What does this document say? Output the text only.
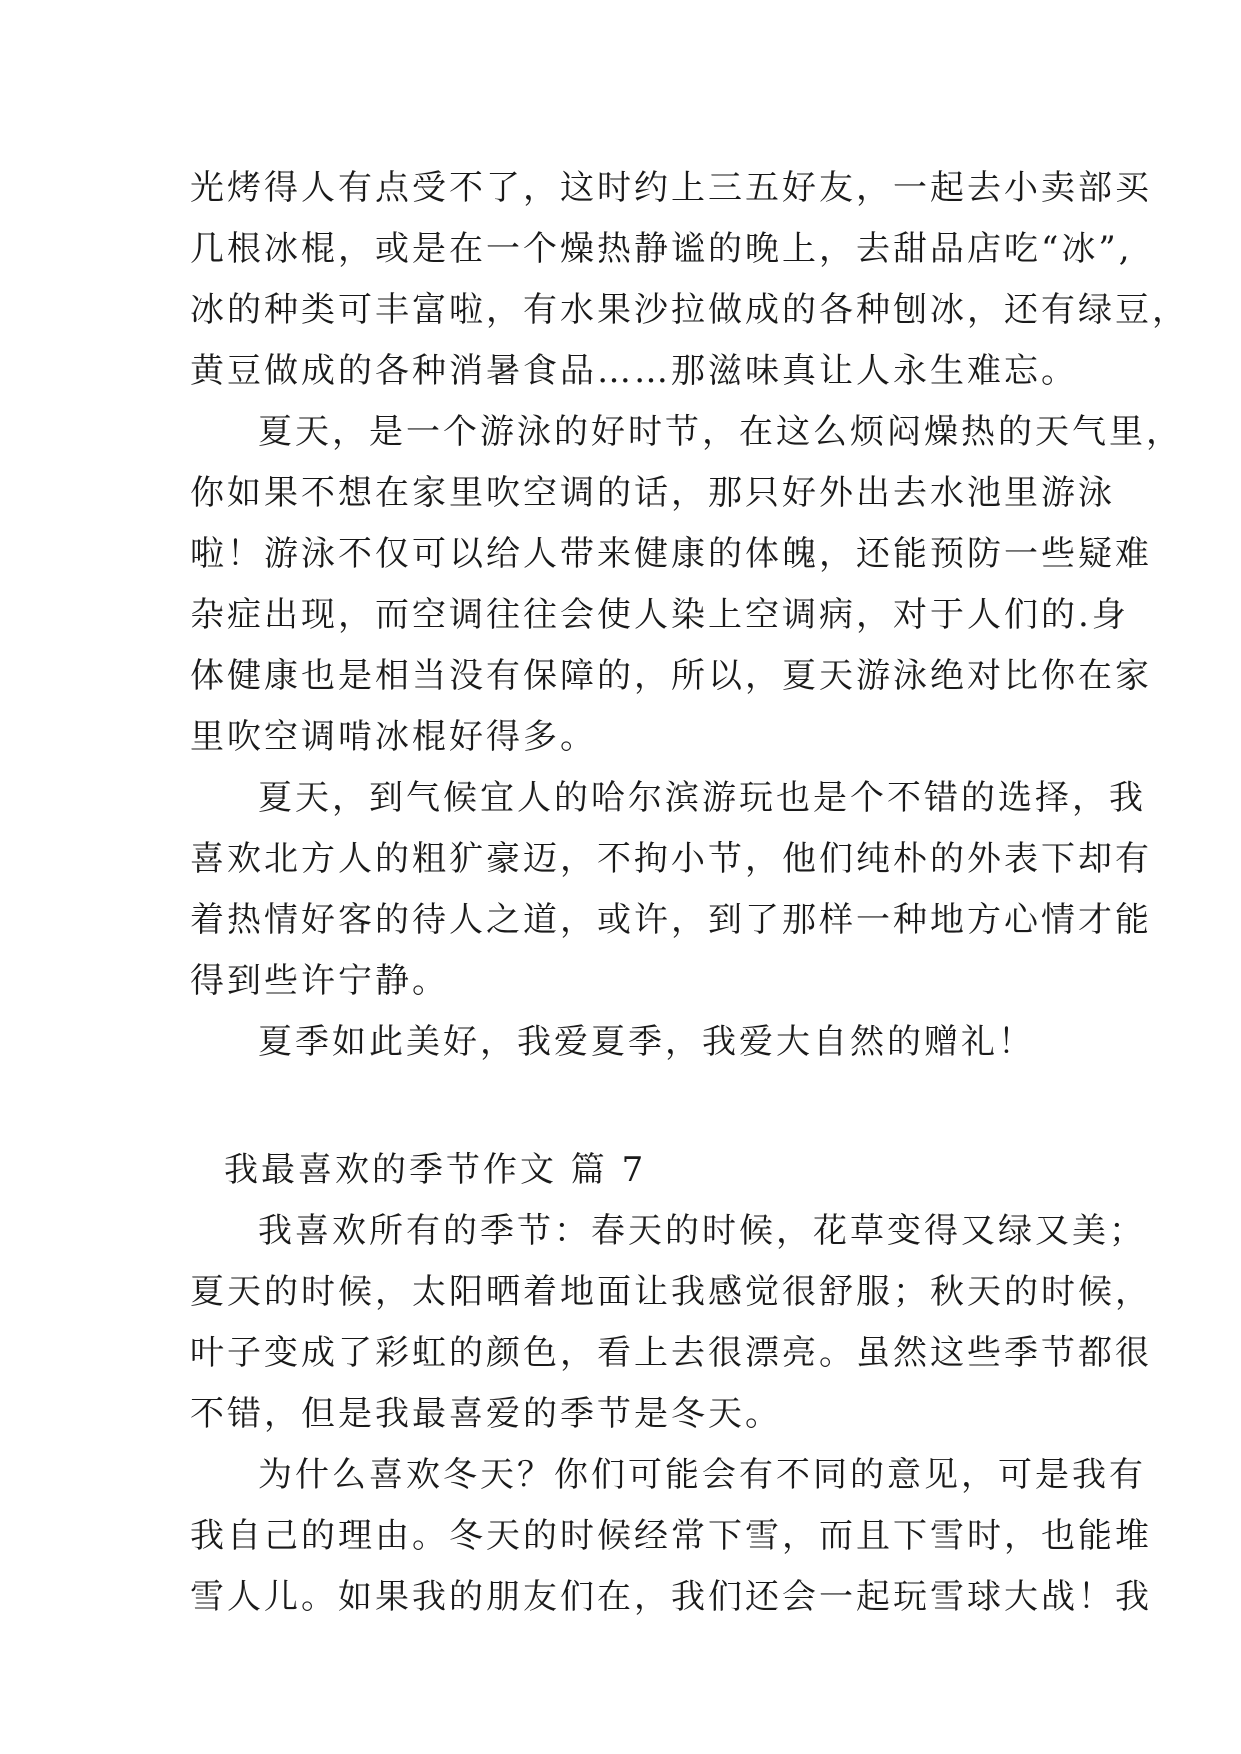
光烤得人有点受不了，这时约上三五好友，一起去小卖部买
几根冰棍，或是在一个燥热静谧的晚上，去甜品店吃“冰”,
冰的种类可丰富啦，有水果沙拉做成的各种刨冰，还有绿豆，
黄豆做成的各种消暑食品……那滋味真让人永生难忘。
夏天，是一个游泳的好时节，在这么烦闷燥热的天气里，
你如果不想在家里吹空调的话，那只好外出去水池里游泳
啦！游泳不仅可以给人带来健康的体魄，还能预防一些疑难
杂症出现，而空调往往会使人染上空调病，对于人们的.身
体健康也是相当没有保障的，所以，夏天游泳绝对比你在家
里吹空调啃冰棍好得多。
夏天，到气候宜人的哈尔滨游玩也是个不错的选择，我
喜欢北方人的粗犷豪迈，不拘小节，他们纯朴的外表下却有
着热情好客的待人之道，或许，到了那样一种地方心情才能
得到些许宁静。
夏季如此美好，我爱夏季，我爱大自然的赠礼！
我最喜欢的季节作文 篇 7
我喜欢所有的季节：春天的时候，花草变得又绿又美；
夏天的时候，太阳晒着地面让我感觉很舒服；秋天的时候，
叶子变成了彩虹的颜色，看上去很漂亮。虽然这些季节都很
不错，但是我最喜爱的季节是冬天。
为什么喜欢冬天？你们可能会有不同的意见，可是我有
我自己的理由。冬天的时候经常下雪，而且下雪时，也能堆
雪人儿。如果我的朋友们在，我们还会一起玩雪球大战！我
